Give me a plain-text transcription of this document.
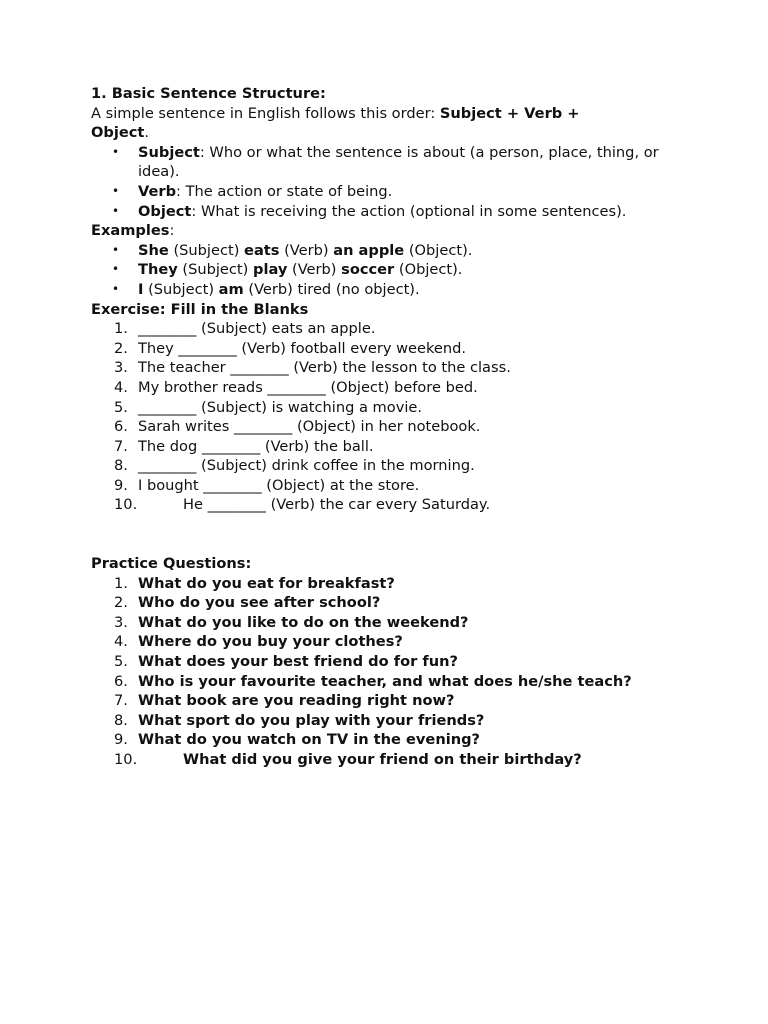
1. Basic Sentence Structure:

A simple sentence in English follows this order: Subject + Verb +
Object.

• Subject: Who or what the sentence is about (a person, place, thing, or idea).
• Verb: The action or state of being.
• Object: What is receiving the action (optional in some sentences).

Examples:

• She (Subject) eats (Verb) an apple (Object).
• They (Subject) play (Verb) soccer (Object).
• I (Subject) am (Verb) tired (no object).

Exercise: Fill in the Blanks

1. ________ (Subject) eats an apple.
2. They ________ (Verb) football every weekend.
3. The teacher ________ (Verb) the lesson to the class.
4. My brother reads ________ (Object) before bed.
5. ________ (Subject) is watching a movie.
6. Sarah writes ________ (Object) in her notebook.
7. The dog ________ (Verb) the ball.
8. ________ (Subject) drink coffee in the morning.
9. I bought ________ (Object) at the store.
10.	He ________ (Verb) the car every Saturday.

Practice Questions:

1. What do you eat for breakfast?
2. Who do you see after school?
3. What do you like to do on the weekend?
4. Where do you buy your clothes?
5. What does your best friend do for fun?
6. Who is your favourite teacher, and what does he/she teach?
7. What book are you reading right now?
8. What sport do you play with your friends?
9. What do you watch on TV in the evening?
10.	What did you give your friend on their birthday?
